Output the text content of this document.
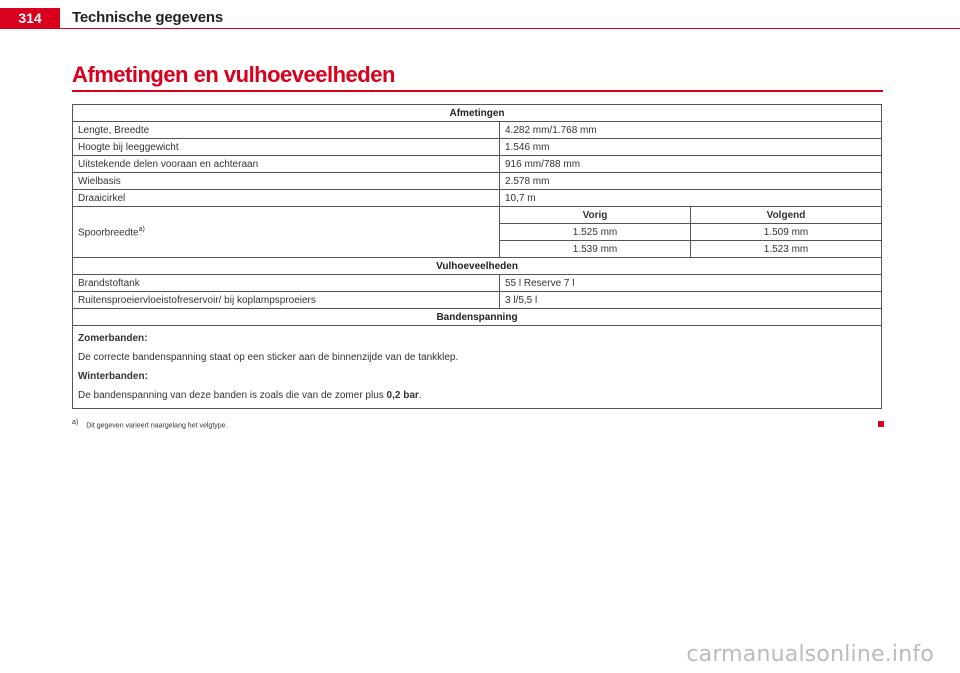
314	Technische gegevens
Afmetingen en vulhoeveelheden
Afmetingen		
Lengte, Breedte	4.282 mm/1.768 mm	
Hoogte bij leeggewicht	1.546 mm	
Uitstekende delen vooraan en achteraan	916 mm/788 mm	
Wielbasis	2.578 mm	
Draaicirkel	10,7 m	
Spoorbreedte$^{a)}$	Vorig	Volgend
	1.525 mm	1.509 mm
	1.539 mm	1.523 mm
Vulhoeveelheden		
Brandstoftank	55 l Reserve 7 l	
Ruitensproeiervloeistofreservoir/ bij koplampsproeiers	3 l/5,5 l	
Bandenspanning		

Zomerbanden:
De correcte bandenspanning staat op een sticker aan de binnenzijde van de tankklep.
Winterbanden:
De bandenspanning van deze banden is zoals die van de zomer plus 0,2 bar.		
$^{a)}$ Dit gegeven varieert naargelang het velgtype.
carmanualsonline.info
